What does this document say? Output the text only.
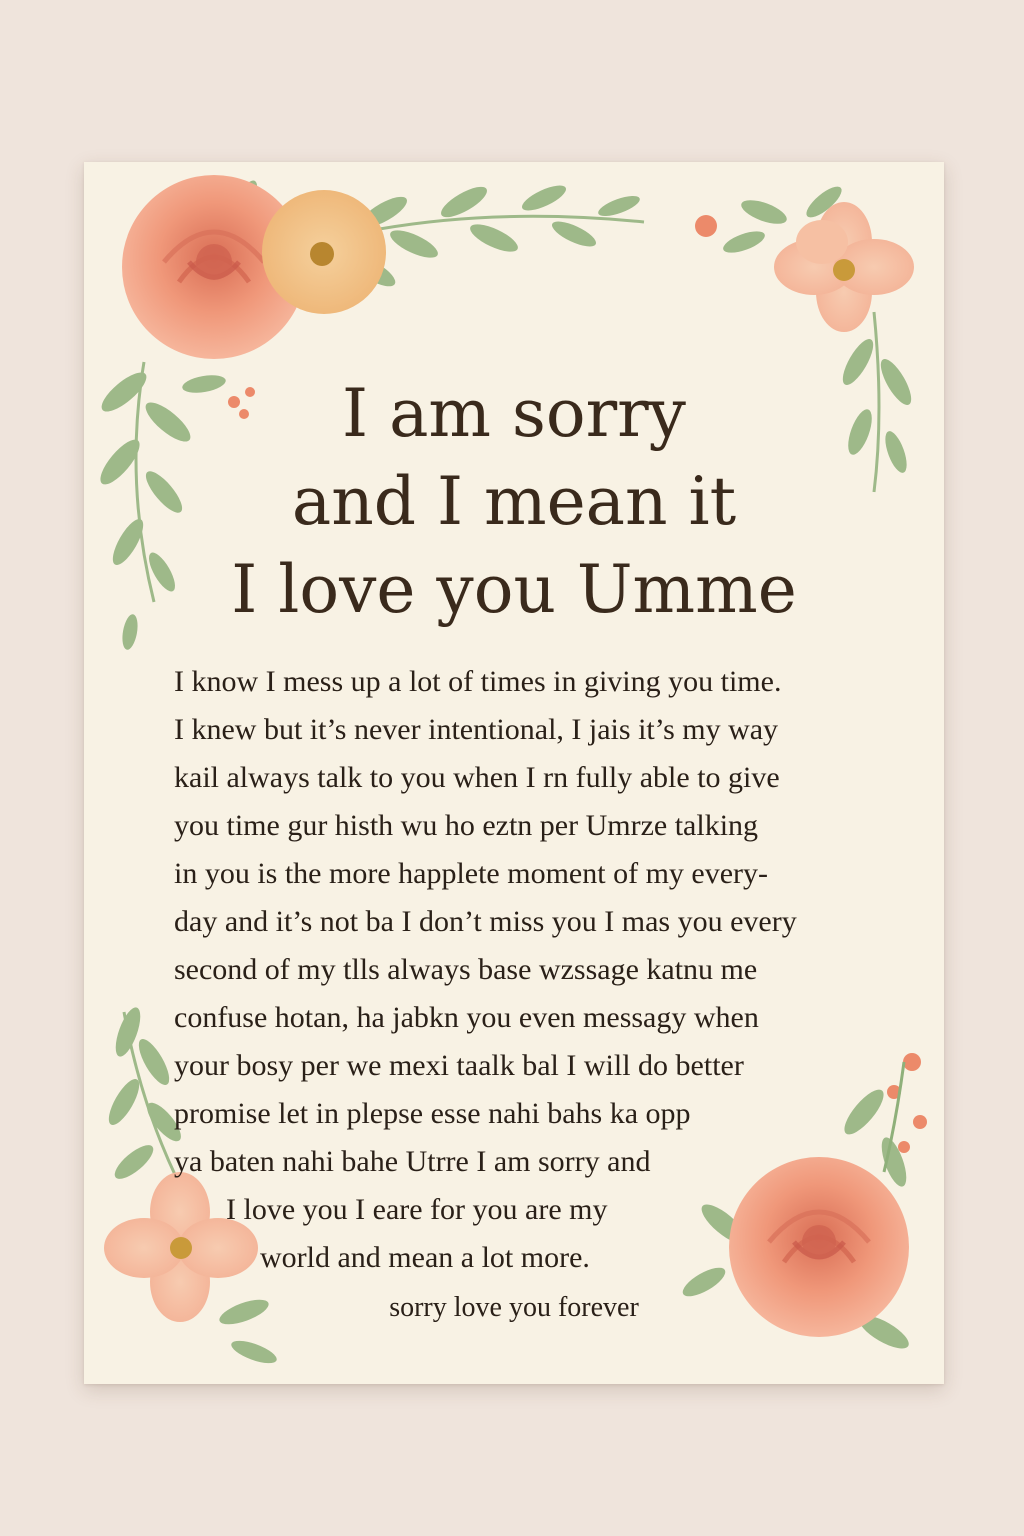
I am sorry
and I mean it
I love you Umme
I know I mess up a lot of times in giving you time.
I knew but it’s never intentional, I jais it’s my way
kail always talk to you when I rn fully able to give
you time gur histh wu ho eztn per Umrze talking
in you is the more happlete moment of my every-
day and it’s not ba I don’t miss you I mas you every
second of my tlls always base wzssage katnu me
confuse hotan, ha jabkn you even messagy when
your bosy per we mexi taalk bal I will do better
promise let in plepse esse nahi bahs ka opp
ya baten nahi bahe Utrre I am sorry and
I love you I eare for you are my
world and mean a lot more.

sorry love you forever
